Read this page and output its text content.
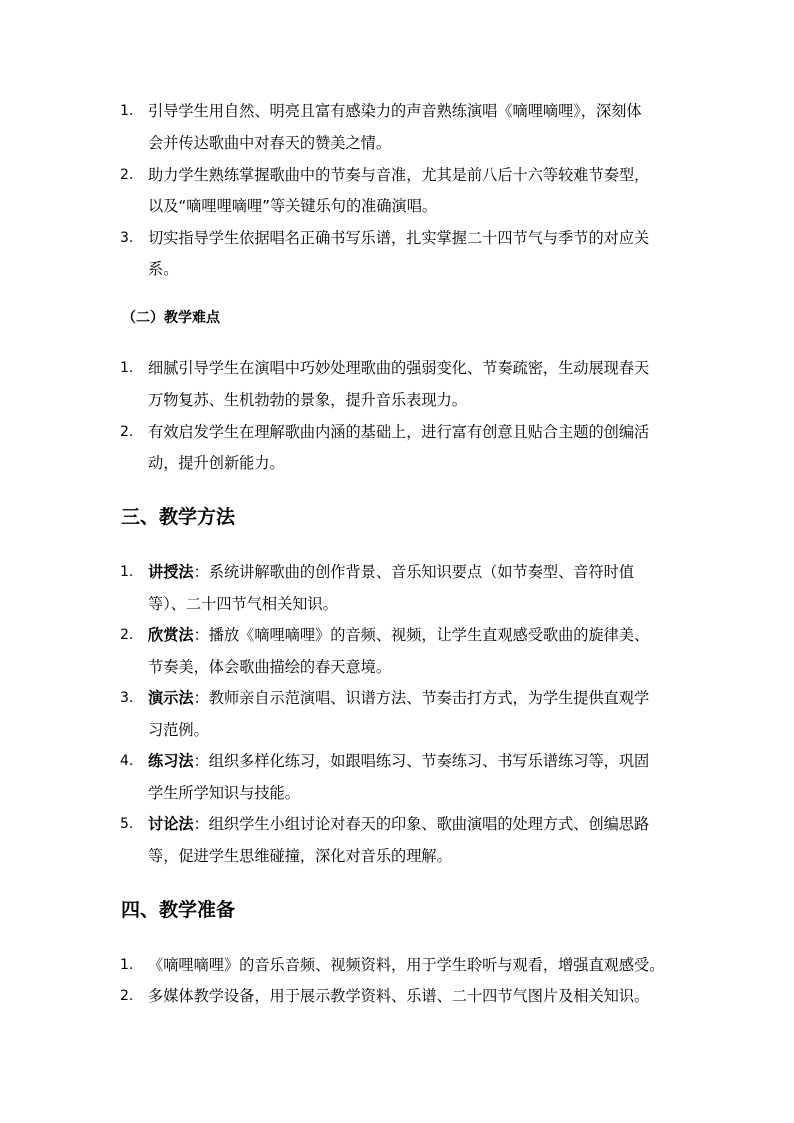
1. 引导学生用自然、明亮且富有感染力的声音熟练演唱《嘀哩嘀哩》，深刻体
会并传达歌曲中对春天的赞美之情。
2. 助力学生熟练掌握歌曲中的节奏与音准，尤其是前八后十六等较难节奏型，
以及“嘀哩哩嘀哩”等关键乐句的准确演唱。
3. 切实指导学生依据唱名正确书写乐谱，扎实掌握二十四节气与季节的对应关
系。
（二）教学难点
1. 细腻引导学生在演唱中巧妙处理歌曲的强弱变化、节奏疏密，生动展现春天
万物复苏、生机勃勃的景象，提升音乐表现力。
2. 有效启发学生在理解歌曲内涵的基础上，进行富有创意且贴合主题的创编活
动，提升创新能力。
三、教学方法
1. 讲授法：系统讲解歌曲的创作背景、音乐知识要点（如节奏型、音符时值
等）、二十四节气相关知识。
2. 欣赏法：播放《嘀哩嘀哩》的音频、视频，让学生直观感受歌曲的旋律美、
节奏美，体会歌曲描绘的春天意境。
3. 演示法：教师亲自示范演唱、识谱方法、节奏击打方式，为学生提供直观学
习范例。
4. 练习法：组织多样化练习，如跟唱练习、节奏练习、书写乐谱练习等，巩固
学生所学知识与技能。
5. 讨论法：组织学生小组讨论对春天的印象、歌曲演唱的处理方式、创编思路
等，促进学生思维碰撞，深化对音乐的理解。
四、教学准备
1. 《嘀哩嘀哩》的音乐音频、视频资料，用于学生聆听与观看，增强直观感受。
2. 多媒体教学设备，用于展示教学资料、乐谱、二十四节气图片及相关知识。
